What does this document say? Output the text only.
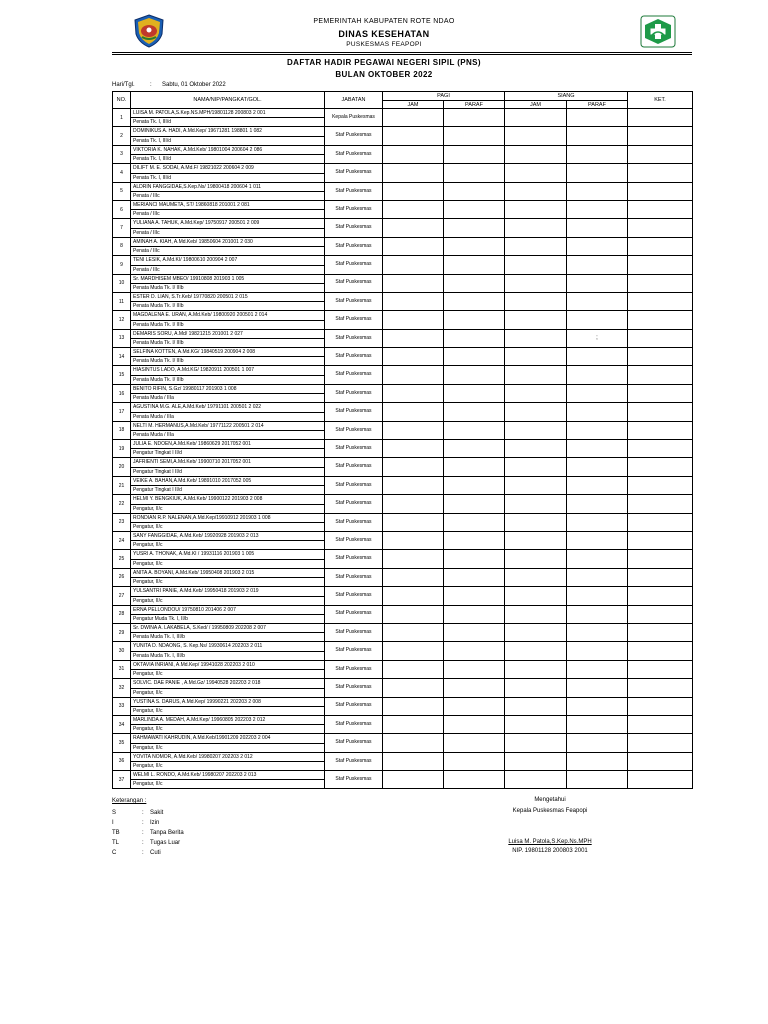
PEMERINTAH KABUPATEN ROTE NDAO
DINAS KESEHATAN
PUSKESMAS FEAPOPI
DAFTAR HADIR PEGAWAI NEGERI SIPIL (PNS)
BULAN OKTOBER 2022
Hari/Tgl.	: Sabtu, 01 Oktober 2022
NO.	NAMA/NIP/PANGKAT/GOL.	JABATAN	PAGI		SIANG		KET.
			JAM	PARAF	JAM	PARAF	
1	LUISA M. PATOLA,S.Kep.NS.MPH/19801128 200803 2 001
Penata Tk. I, III/d	Kepala Puskesmas					
2	DOMINIKUS A. HADI, A.Md.Kep/ 19671281 198801 1 082
Penata Tk. I, III/d	Staf Puskesmas					
3	VIKTORIA K. NAHAK, A.Md.Keb/ 19801004 200604 2 086
Penata Tk. I, III/d	Staf Puskesmas					
4	DILIFT M. E. SODAI, A.Md.F/ 19821022 200604 2 009
Penata Tk. I, III/d	Staf Puskesmas					
5	ALDRIN FANGGIDAE,S.Kep.Ns/ 19800418 200604 1 011
Penata / IIIc	Staf Puskesmas					
6	MERIANCI MAUMETA, ST/ 19860818 201001 2 081
Penata / IIIc	Staf Puskesmas					
7	YULIANA A. TAHUK, A.Md.Kep/ 19750917 200501 2 009
Penata / IIIc	Staf Puskesmas					
8	AMINAH A. KIAH, A.Md.Keb/ 19850604 201001 2 030
Penata / IIIc	Staf Puskesmas					
9	TENI LESIK, A.Md.KI/ 19800610 200904 2 007
Penata / IIIc	Staf Puskesmas					
10	Sr. MARDHISEM MBEO/ 19910808 201903 1 005
Penata Muda Tk. I/ IIIb	Staf Puskesmas					
11	ESTER D. LIAN, S.Tr.Keb/ 19770820 200501 2 015
Penata Muda Tk. I/ IIIb	Staf Puskesmas					
12	MAGDALENA E. URAN, A.Md.Keb/ 19800920 200501 2 014
Penata Muda Tk. I/ IIIb	Staf Puskesmas					
13	DEMARIS SORU, A.Md/ 19821215 201001 2 027
Penata Muda Tk. I/ IIIb	Staf Puskesmas				;	
14	SELFINA KOTTEN, A.Md.KG/ 19840519 200904 2 008
Penata Muda Tk. I/ IIIb	Staf Puskesmas					
15	HIASINTUS LADO, A.Md.KG/ 19820911 200501 1 007
Penata Muda Tk. I/ IIIb	Staf Puskesmas					
16	BENITO RIFIN, S.Gz/ 19980117 201903 1 008
Penata Muda / IIIa	Staf Puskesmas					
17	AGUSTINA M.G. ALE,A.Md.Keb/ 19791101 200501 2 022
Penata Muda / IIIa	Staf Puskesmas					
18	NELTI M. HERMANUS,A.Md.Keb/ 19771122 200501 2 014
Penata Muda / IIIa	Staf Puskesmas					
19	JULIA E. NDOEN,A.Md.Keb/ 19860629 2017052 001
Pengatur Tingkat I II/d	Staf Puskesmas					
20	JAFRIENTI SEMI,A.Md.Keb/ 19900710 2017052 001
Pengatur Tingkat I II/d	Staf Puskesmas					
21	VEIKE A. BAHAN,A.Md.Keb/ 19891010 2017052 005
Pengatur Tingkat I II/d	Staf Puskesmas					
22	HELMI Y. BENGKIUK, A.Md.Keb/ 19900122 201903 2 008
Pengatur, II/c	Staf Puskesmas					
23	RONDIAN R.P. NALENAN,A.Md.Kep/19910912 201903 1 008
Pengatur, II/c	Staf Puskesmas					
24	SANY FANGGIDAE, A.Md.Keb/ 19920928 201903 2 013
Pengatur, II/c	Staf Puskesmas					
25	YUSRI A. THONAK, A.Md.KI / 19931116 201903 1 005
Pengatur, II/c	Staf Puskesmas					
26	ANITA A. BOYANI, A.Md.Keb/ 19950408 201903 2 015
Pengatur, II/c	Staf Puskesmas					
27	YULSANTRI PANIE, A.Md.Keb/ 19950418 201903 2 019
Pengatur, II/c	Staf Puskesmas					
28	ERNA PELLONDOU/ 19750810 201406 2 007
Pengatur Muda Tk. I, II/b	Staf Puskesmas					
29	Sr. DWINA A. LAKABELA, S.Ked/ / 19950809 202208 2 007
Penata Muda Tk. I, III/b	Staf Puskesmas					
30	YUNITA D. NDAONG, S. Kep.Ns/ 19930614 202203 2 011
Penata Muda Tk. I, III/b	Staf Puskesmas					
31	OKTAVIA INRIANI, A.Md.Kep/ 19941028 202203 2 010
Pengatur, II/c	Staf Puskesmas					
32	SOLVIC. DAE PANIE , A.Md.Gz/ 19940528 202203 2 018
Pengatur, II/c	Staf Puskesmas					
33	YUSTINA S. DARUS, A.Md.Kep/ 19990221 202203 2 008
Pengatur, II/c	Staf Puskesmas					
34	MARLINDA A. MEDAH, A.Md.Kep/ 19960805 202203 2 012
Pengatur, II/c	Staf Puskesmas					
35	RAHMAWATI KAHRUDIN, A.Md.Keb/19901209 202203 2 004
Pengatur, II/c	Staf Puskesmas					
36	YOVITA NOMOR, A.Md.Keb/ 19980207 202203 2 012
Pengatur, II/c	Staf Puskesmas					
37	WELMI L. RONDO, A.Md.Keb/ 19980207 202203 2 013
Pengatur, II/c	Staf Puskesmas					
Keterangan :
S	: Sakit
I	: Izin
TB	: Tanpa Berita
TL	: Tugas Luar
C	: Cuti
Mengetahui
Kepala Puskesmas Feapopi
Luisa M. Patola,S.Kep.Ns.MPH
NIP. 19801128 200803 2001
